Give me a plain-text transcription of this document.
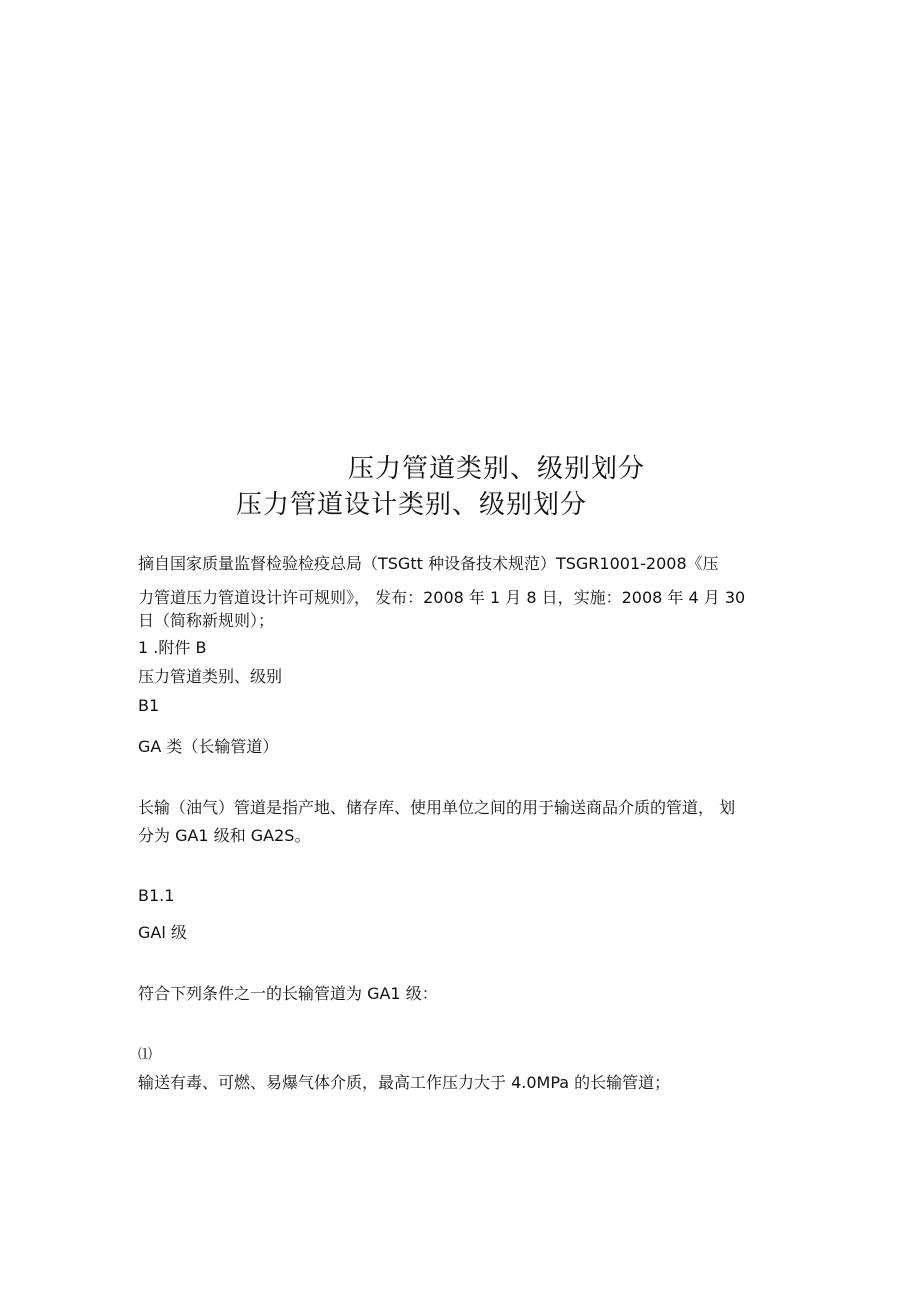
压力管道类别、级别划分
压力管道设计类别、级别划分

摘自国家质量监督检验检疫总局（TSGtt 种设备技术规范）TSGR1001-2008《压

力管道压力管道设计许可规则》， 发布：2008 年 1 月 8 日，实施：2008 年 4 月 30

日（简称新规则）；

1 .附件 B

压力管道类别、级别

B1

GA 类（长输管道）

长输（油气）管道是指产地、储存库、使用单位之间的用于输送商品介质的管道， 划

分为 GA1 级和 GA2S。

B1.1

GAl 级

符合下列条件之一的长输管道为 GA1 级：

⑴

输送有毒、可燃、易爆气体介质，最高工作压力大于 4.0MPa 的长输管道；
